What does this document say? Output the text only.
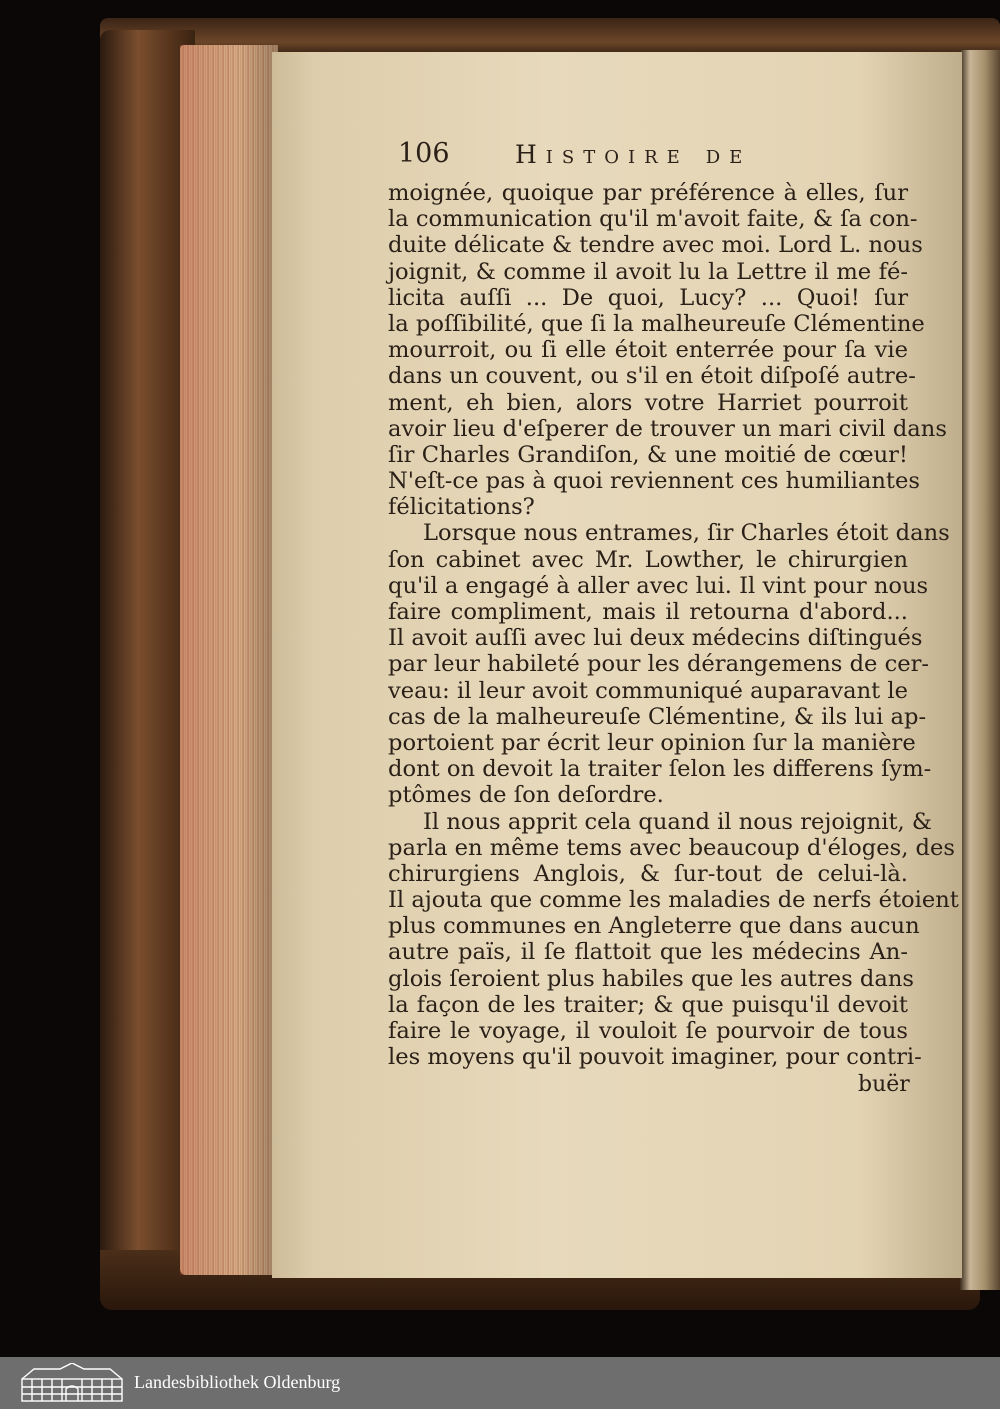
106	Histoire de
moignée, quoique par préférence à elles, ſur
la communication qu'il m'avoit faite, & ſa con-
duite délicate & tendre avec moi. Lord L. nous
joignit, & comme il avoit lu la Lettre il me fé-
licita auſſi ... De quoi, Lucy? ... Quoi! ſur
la poſſibilité, que ſi la malheureuſe Clémentine
mourroit, ou ſi elle étoit enterrée pour ſa vie
dans un couvent, ou s'il en étoit diſpoſé autre-
ment, eh bien, alors votre Harriet pourroit
avoir lieu d'eſperer de trouver un mari civil dans
ſir Charles Grandiſon, & une moitié de cœur!
N'eſt-ce pas à quoi reviennent ces humiliantes
félicitations?
Lorsque nous entrames, ſir Charles étoit dans
ſon cabinet avec Mr. Lowther, le chirurgien
qu'il a engagé à aller avec lui. Il vint pour nous
faire compliment, mais il retourna d'abord...
Il avoit auſſi avec lui deux médecins diſtingués
par leur habileté pour les dérangemens de cer-
veau: il leur avoit communiqué auparavant le
cas de la malheureuſe Clémentine, & ils lui ap-
portoient par écrit leur opinion ſur la manière
dont on devoit la traiter ſelon les differens ſym-
ptômes de ſon deſordre.
Il nous apprit cela quand il nous rejoignit, &
parla en même tems avec beaucoup d'éloges, des
chirurgiens Anglois, & ſur-tout de celui-là.
Il ajouta que comme les maladies de nerfs étoient
plus communes en Angleterre que dans aucun
autre païs, il ſe flattoit que les médecins An-
glois ſeroient plus habiles que les autres dans
la façon de les traiter; & que puisqu'il devoit
faire le voyage, il vouloit ſe pourvoir de tous
les moyens qu'il pouvoit imaginer, pour contri-
buër
Landesbibliothek Oldenburg
